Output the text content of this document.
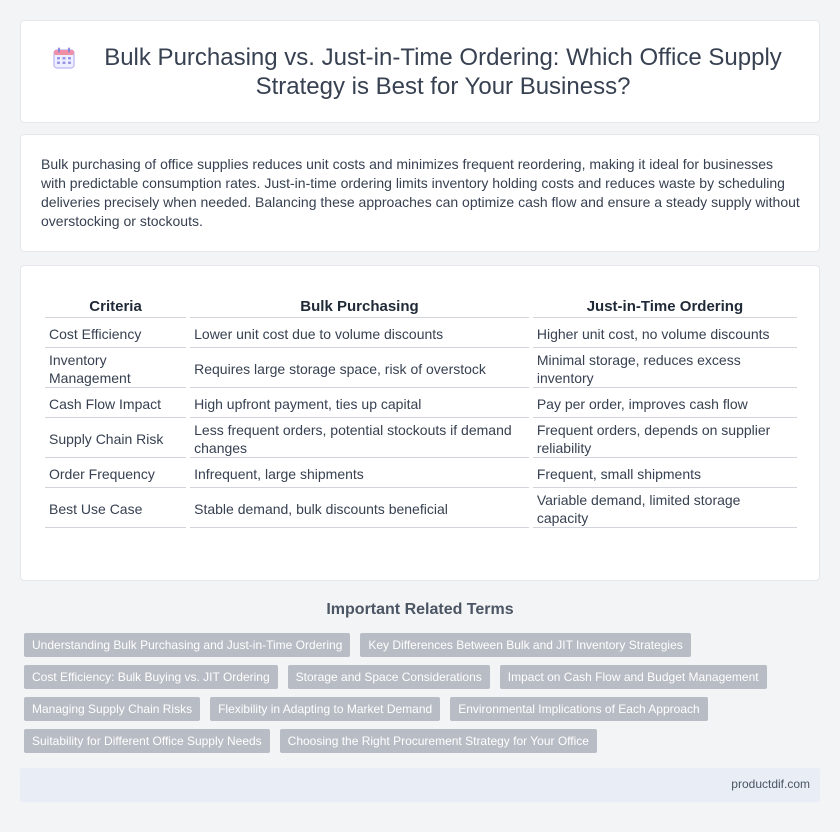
Bulk Purchasing vs. Just-in-Time Ordering: Which Office Supply Strategy is Best for Your Business?

Bulk purchasing of office supplies reduces unit costs and minimizes frequent reordering, making it ideal for businesses with predictable consumption rates. Just-in-time ordering limits inventory holding costs and reduces waste by scheduling deliveries precisely when needed. Balancing these approaches can optimize cash flow and ensure a steady supply without overstocking or stockouts.

Criteria	Bulk Purchasing	Just-in-Time Ordering
Cost Efficiency	Lower unit cost due to volume discounts	Higher unit cost, no volume discounts
Inventory Management	Requires large storage space, risk of overstock	Minimal storage, reduces excess inventory
Cash Flow Impact	High upfront payment, ties up capital	Pay per order, improves cash flow
Supply Chain Risk	Less frequent orders, potential stockouts if demand changes	Frequent orders, depends on supplier reliability
Order Frequency	Infrequent, large shipments	Frequent, small shipments
Best Use Case	Stable demand, bulk discounts beneficial	Variable demand, limited storage capacity
Important Related Terms
Understanding Bulk Purchasing and Just-in-Time Ordering	Key Differences Between Bulk and JIT Inventory Strategies
Cost Efficiency: Bulk Buying vs. JIT Ordering	Storage and Space Considerations	Impact on Cash Flow and Budget Management
Managing Supply Chain Risks	Flexibility in Adapting to Market Demand	Environmental Implications of Each Approach
Suitability for Different Office Supply Needs	Choosing the Right Procurement Strategy for Your Office
productdif.com
